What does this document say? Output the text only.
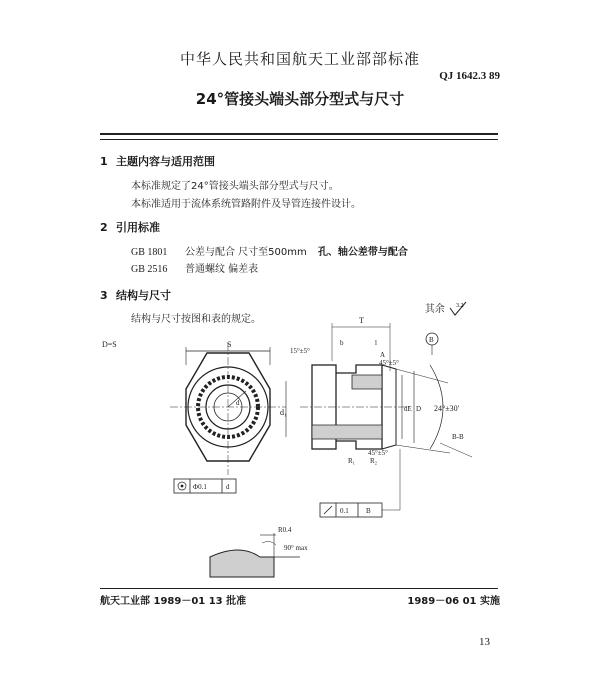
中华人民共和国航天工业部部标准
QJ 1642.3 89
24°管接头端头部分型式与尺寸
1 主题内容与适用范围
本标准规定了24°管接头端头部分型式与尺寸。
本标准适用于流体系统管路附件及导管连接件设计。
2 引用标准
GB 1801 公差与配合 尺寸至500mm 孔、轴公差带与配合
GB 2516 普通螺纹 偏差表
3 结构与尺寸
结构与尺寸按图和表的规定。
其余 3.2
D=S	S
d
Φ0.1	d
T
15°±5°
b	l
A
45°±5°
B
d₁	dE D 24°±30′
B-B
R₁ R₂
45°±5°
0.1 B
R0.4
90° max
航天工业部 1989－01 13 批准	1989－06 01 实施
13
